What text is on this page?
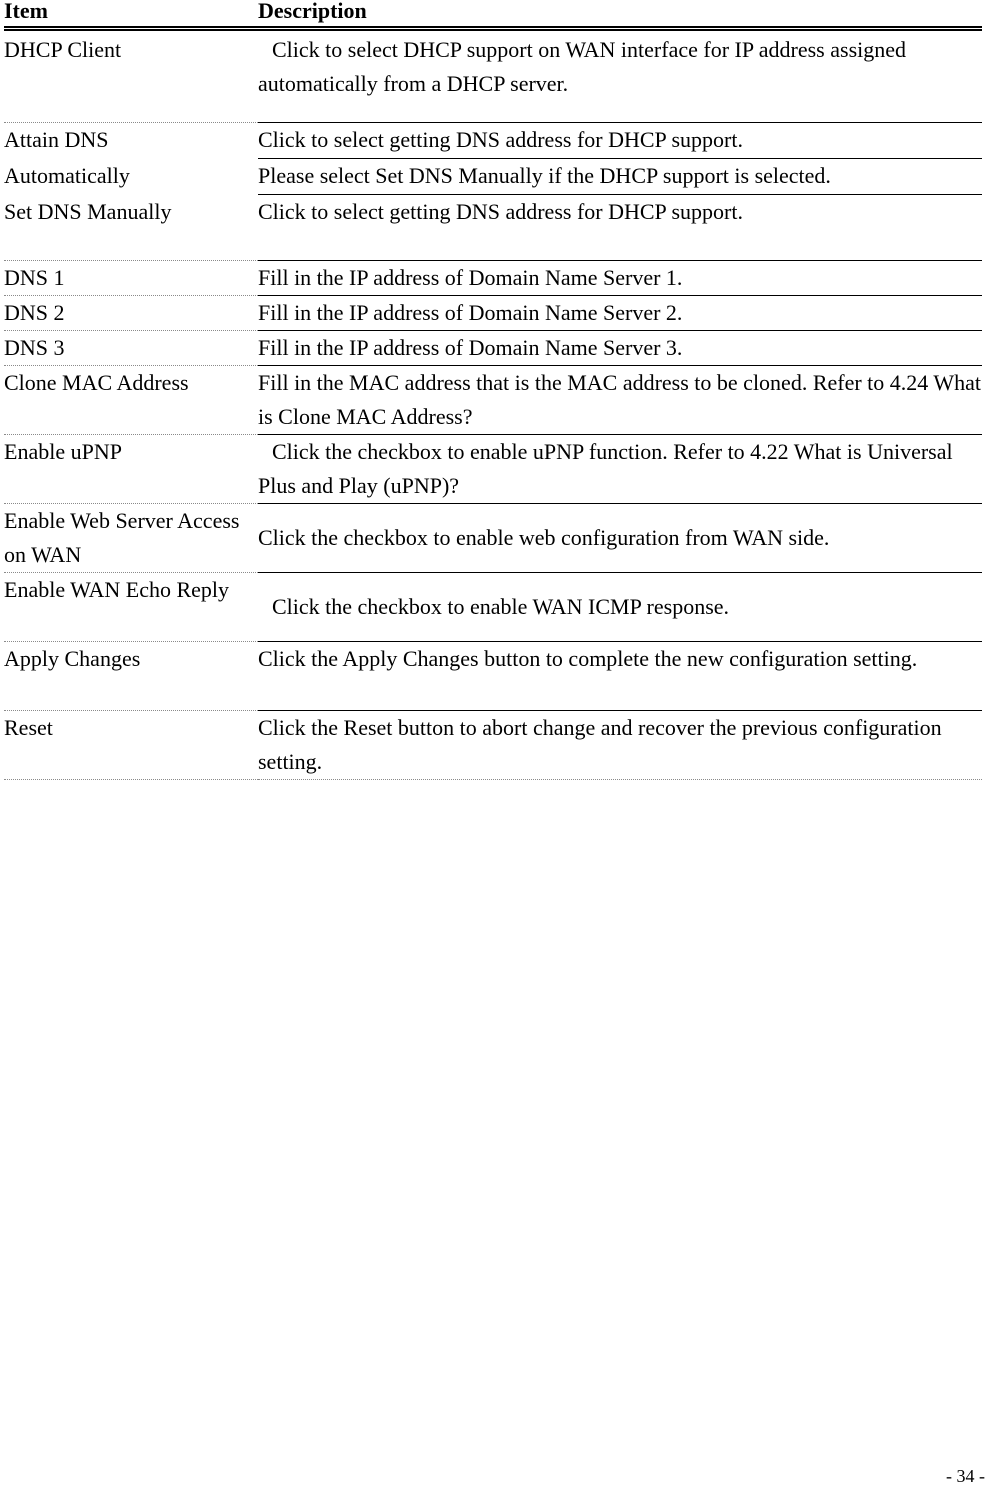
Item	Description
DHCP Client	Click to select DHCP support on WAN interface for IP address assigned automatically from a DHCP server.
Attain DNS	Click to select getting DNS address for DHCP support.
Automatically	Please select Set DNS Manually if the DHCP support is selected.
Set DNS Manually	Click to select getting DNS address for DHCP support.
DNS 1	Fill in the IP address of Domain Name Server 1.
DNS 2	Fill in the IP address of Domain Name Server 2.
DNS 3	Fill in the IP address of Domain Name Server 3.
Clone MAC Address	Fill in the MAC address that is the MAC address to be cloned. Refer to 4.24 What is Clone MAC Address?
Enable uPNP	Click the checkbox to enable uPNP function. Refer to 4.22 What is Universal Plus and Play (uPNP)?
Enable Web Server Access on WAN	Click the checkbox to enable web configuration from WAN side.
Enable WAN Echo Reply	Click the checkbox to enable WAN ICMP response.
Apply Changes	Click the Apply Changes button to complete the new configuration setting.
Reset	Click the Reset button to abort change and recover the previous configuration setting.
- 34 -
